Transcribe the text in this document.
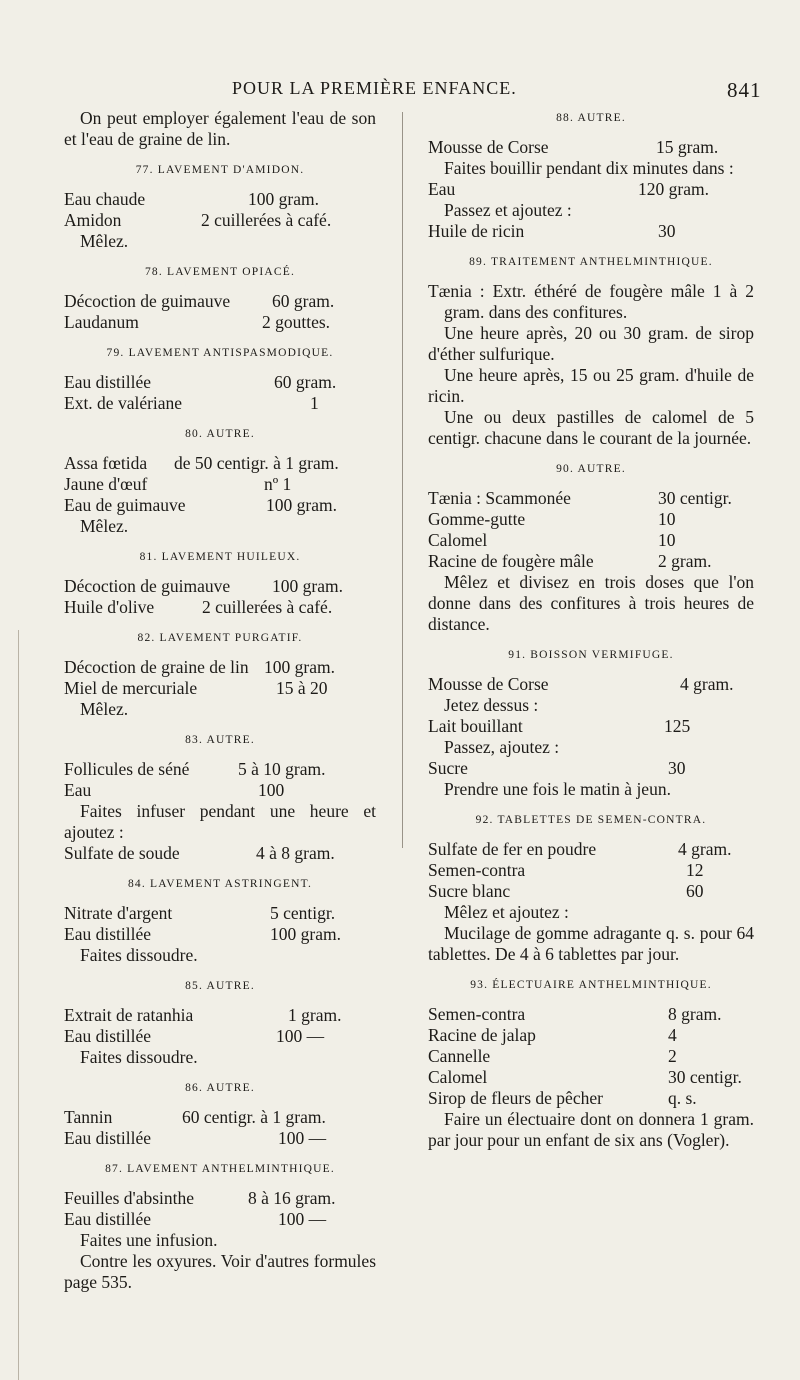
POUR LA PREMIÈRE ENFANCE.	841

On peut employer également l'eau de son et l'eau de graine de lin.

77. LAVEMENT D'AMIDON.
Eau chaude	100 gram.
Amidon	2 cuillerées à café.
Mêlez.
78. LAVEMENT OPIACÉ.
Décoction de guimauve 60 gram.
Laudanum	2 gouttes.
79. LAVEMENT ANTISPASMODIQUE.
Eau distillée	60 gram.
Ext. de valériane	1
80. AUTRE.
Assa fœtida de 50 centigr. à 1 gram.
Jaune d'œuf	nº 1
Eau de guimauve	100 gram.
Mêlez.
81. LAVEMENT HUILEUX.
Décoction de guimauve 100 gram.
Huile d'olive	2 cuillerées à café.
82. LAVEMENT PURGATIF.
Décoction de graine de lin 100 gram.
Miel de mercuriale	15 à 20
Mêlez.
83. AUTRE.
Follicules de séné	5 à 10 gram.
Eau	100

Faites infuser pendant une heure et ajoutez :

Sulfate de soude	4 à 8 gram.
84. LAVEMENT ASTRINGENT.
Nitrate d'argent	5 centigr.
Eau distillée	100 gram.
Faites dissoudre.
85. AUTRE.
Extrait de ratanhia	1 gram.
Eau distillée	100 —
Faites dissoudre.
86. AUTRE.
Tannin	60 centigr. à 1 gram.
Eau distillée	100 —
87. LAVEMENT ANTHELMINTHIQUE.
Feuilles d'absinthe	8 à 16 gram.
Eau distillée	100 —
Faites une infusion.

Contre les oxyures. Voir d'autres formules page 535.

88. AUTRE.
Mousse de Corse	15 gram.

Faites bouillir pendant dix minutes dans :

Eau	120 gram.
Passez et ajoutez :
Huile de ricin	30
89. TRAITEMENT ANTHELMINTHIQUE.

Tænia : Extr. éthéré de fougère mâle 1 à 2 gram. dans des confitures.

Une heure après, 20 ou 30 gram. de sirop d'éther sulfurique.

Une heure après, 15 ou 25 gram. d'huile de ricin.

Une ou deux pastilles de calomel de 5 centigr. chacune dans le courant de la journée.

90. AUTRE.
Tænia : Scammonée	30 centigr.
Gomme-gutte	10
Calomel	10
Racine de fougère mâle	2 gram.

Mêlez et divisez en trois doses que l'on donne dans des confitures à trois heures de distance.

91. BOISSON VERMIFUGE.
Mousse de Corse	4 gram.
Jetez dessus :
Lait bouillant	125
Passez, ajoutez :
Sucre	30

Prendre une fois le matin à jeun.

92. TABLETTES DE SEMEN-CONTRA.
Sulfate de fer en poudre	4 gram.
Semen-contra	12
Sucre blanc	60
Mêlez et ajoutez :

Mucilage de gomme adragante q. s. pour 64 tablettes. De 4 à 6 tablettes par jour.

93. ÉLECTUAIRE ANTHELMINTHIQUE.
Semen-contra	8 gram.
Racine de jalap	4
Cannelle	2
Calomel	30 centigr.
Sirop de fleurs de pêcher	q. s.

Faire un électuaire dont on donnera 1 gram. par jour pour un enfant de six ans (Vogler).
